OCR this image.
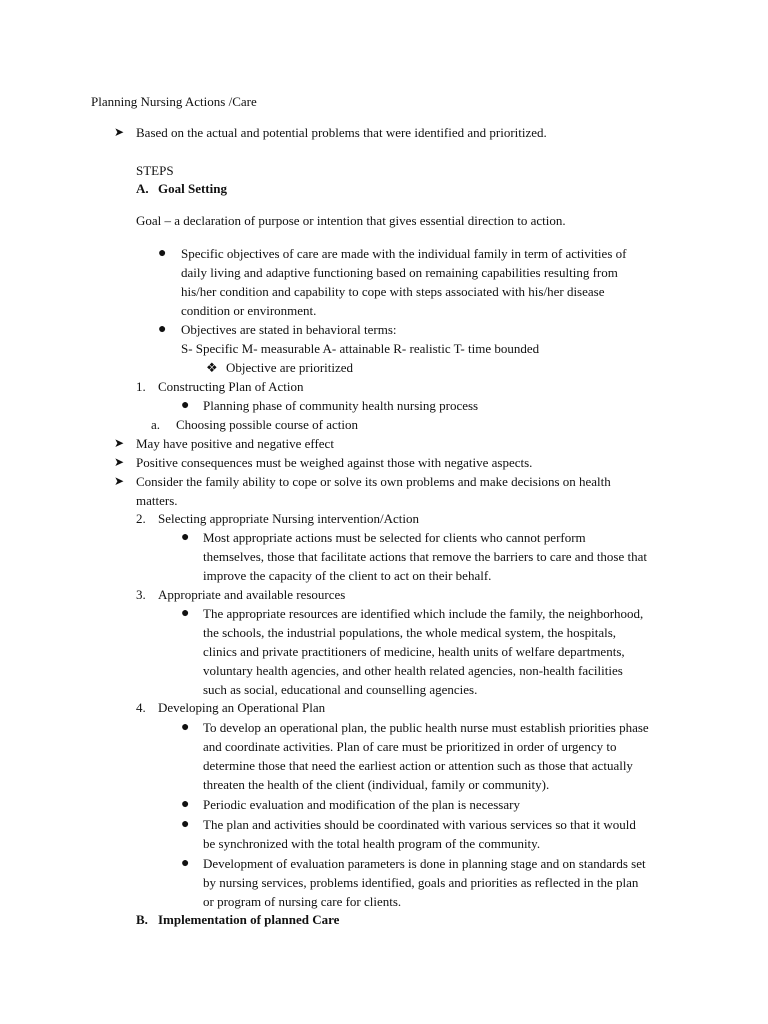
Planning Nursing Actions /Care
➤ Based on the actual and potential problems that were identified and prioritized.
STEPS
A. Goal Setting
Goal – a declaration of purpose or intention that gives essential direction to action.
● Specific objectives of care are made with the individual family in term of activities of
daily living and adaptive functioning based on remaining capabilities resulting from
his/her condition and capability to cope with steps associated with his/her disease
condition or environment.
● Objectives are stated in behavioral terms:
S- Specific M- measurable A- attainable R- realistic T- time bounded
❖ Objective are prioritized
1. Constructing Plan of Action
● Planning phase of community health nursing process
a. Choosing possible course of action
➤ May have positive and negative effect
➤ Positive consequences must be weighed against those with negative aspects.
➤ Consider the family ability to cope or solve its own problems and make decisions on health
matters.
2. Selecting appropriate Nursing intervention/Action
● Most appropriate actions must be selected for clients who cannot perform
themselves, those that facilitate actions that remove the barriers to care and those that
improve the capacity of the client to act on their behalf.
3. Appropriate and available resources
● The appropriate resources are identified which include the family, the neighborhood,
the schools, the industrial populations, the whole medical system, the hospitals,
clinics and private practitioners of medicine, health units of welfare departments,
voluntary health agencies, and other health related agencies, non-health facilities
such as social, educational and counselling agencies.
4. Developing an Operational Plan
● To develop an operational plan, the public health nurse must establish priorities phase
and coordinate activities. Plan of care must be prioritized in order of urgency to
determine those that need the earliest action or attention such as those that actually
threaten the health of the client (individual, family or community).
● Periodic evaluation and modification of the plan is necessary
● The plan and activities should be coordinated with various services so that it would
be synchronized with the total health program of the community.
● Development of evaluation parameters is done in planning stage and on standards set
by nursing services, problems identified, goals and priorities as reflected in the plan
or program of nursing care for clients.
B. Implementation of planned Care
